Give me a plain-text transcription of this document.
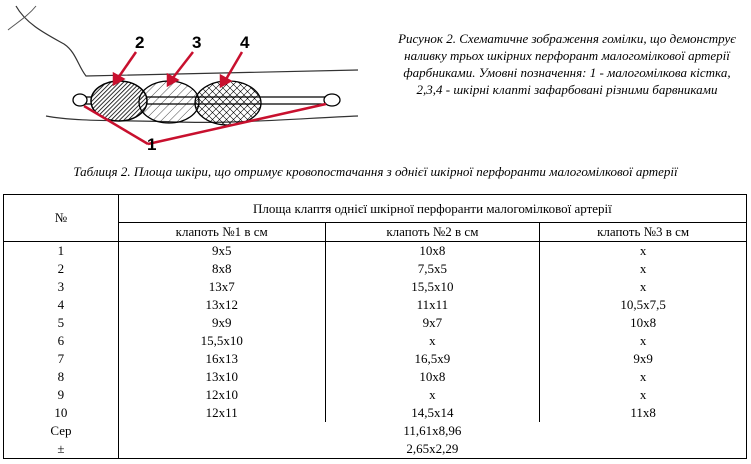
2	3 4
1
Рисунок 2. Схематичне зображення гомілки, що демонструє наливку трьох шкірних перфорант малогомілкової артерії фарбниками. Умовні позначення: 1 - малогомілкова кістка, 2,3,4 - шкірні клапті зафарбовані різними барвниками
Таблиця 2. Площа шкіри, що отримує кровопостачання з однієї шкірної перфоранти малогомілкової артерії
№	Площа клаптя однієї шкірної перфоранти малогомілкової артерії		
	клапоть №1 в см	клапоть №2 в см	клапоть №3 в см
1	9x5	10x8	x
2	8x8	7,5x5	x
3	13x7	15,5x10	x
4	13x12	11x11	10,5x7,5
5	9x9	9x7	10x8
6	15,5x10	x	x
7	16x13	16,5x9	9x9
8	13x10	10x8	x
9	12x10	x	x
10	12x11	14,5x14	11x8
Сер	11,61x8,96		
±	2,65x2,29		
